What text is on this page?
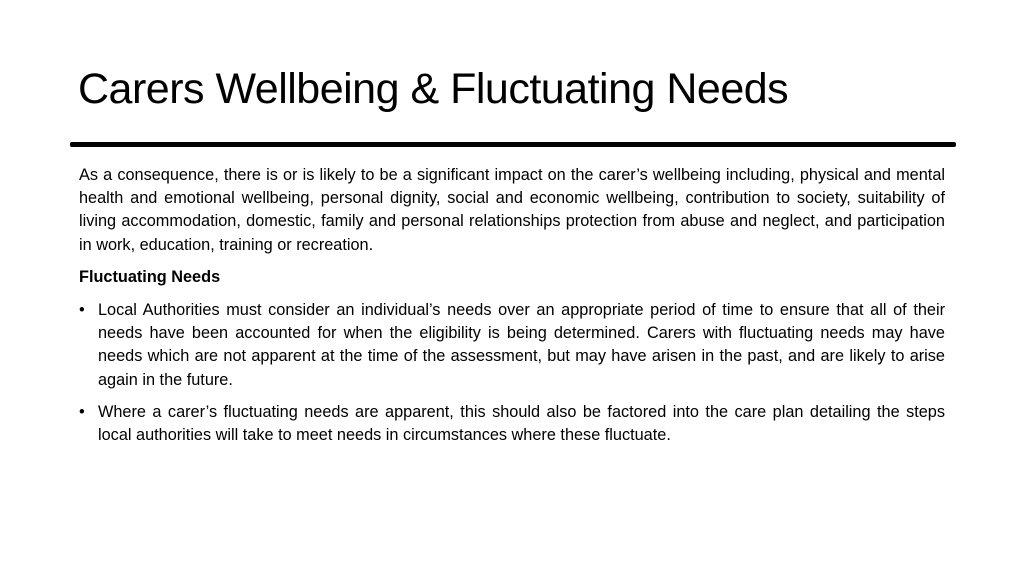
Carers Wellbeing & Fluctuating Needs

As a consequence, there is or is likely to be a significant impact on the carer’s wellbeing including, physical and mental health and emotional wellbeing, personal dignity, social and economic wellbeing, contribution to society, suitability of living accommodation, domestic, family and personal relationships protection from abuse and neglect, and participation in work, education, training or recreation.

Fluctuating Needs

• Local Authorities must consider an individual’s needs over an appropriate period of time to ensure that all of their needs have been accounted for when the eligibility is being determined. Carers with fluctuating needs may have needs which are not apparent at the time of the assessment, but may have arisen in the past, and are likely to arise again in the future.
• Where a carer’s fluctuating needs are apparent, this should also be factored into the care plan detailing the steps local authorities will take to meet needs in circumstances where these fluctuate.
